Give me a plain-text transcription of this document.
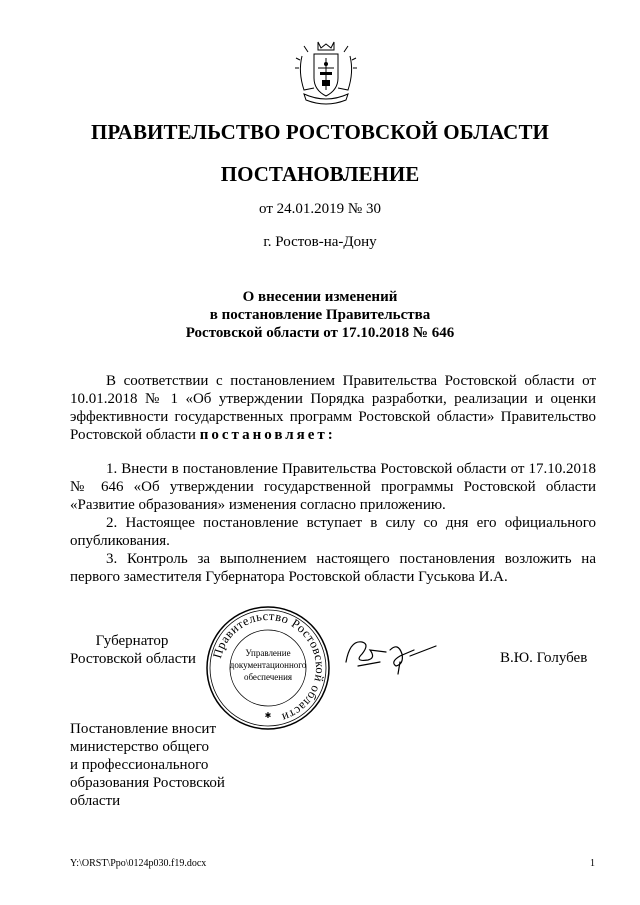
ПРАВИТЕЛЬСТВО РОСТОВСКОЙ ОБЛАСТИ
ПОСТАНОВЛЕНИЕ
от 24.01.2019 № 30
г. Ростов-на-Дону
О внесении изменений
в постановление Правительства
Ростовской области от 17.10.2018 № 646

В соответствии с постановлением Правительства Ростовской области от 10.01.2018 № 1 «Об утверждении Порядка разработки, реализации и оценки эффективности государственных программ Ростовской области» Правительство Ростовской области постановляет:

1. Внести в постановление Правительства Ростовской области от 17.10.2018 № 646 «Об утверждении государственной программы Ростовской области «Развитие образования» изменения согласно приложению.

2. Настоящее постановление вступает в силу со дня его официального опубликования.

3. Контроль за выполнением настоящего постановления возложить на первого заместителя Губернатора Ростовской области Гуськова И.А.

Губернатор
Ростовской области	Правительство Ростовской области
Управление
документационного
обеспечения
✱
В.Ю. Голубев
Постановление вносит
министерство общего
и профессионального
образования Ростовской
области
Y:\ORST\Ppo\0124p030.f19.docx	1
